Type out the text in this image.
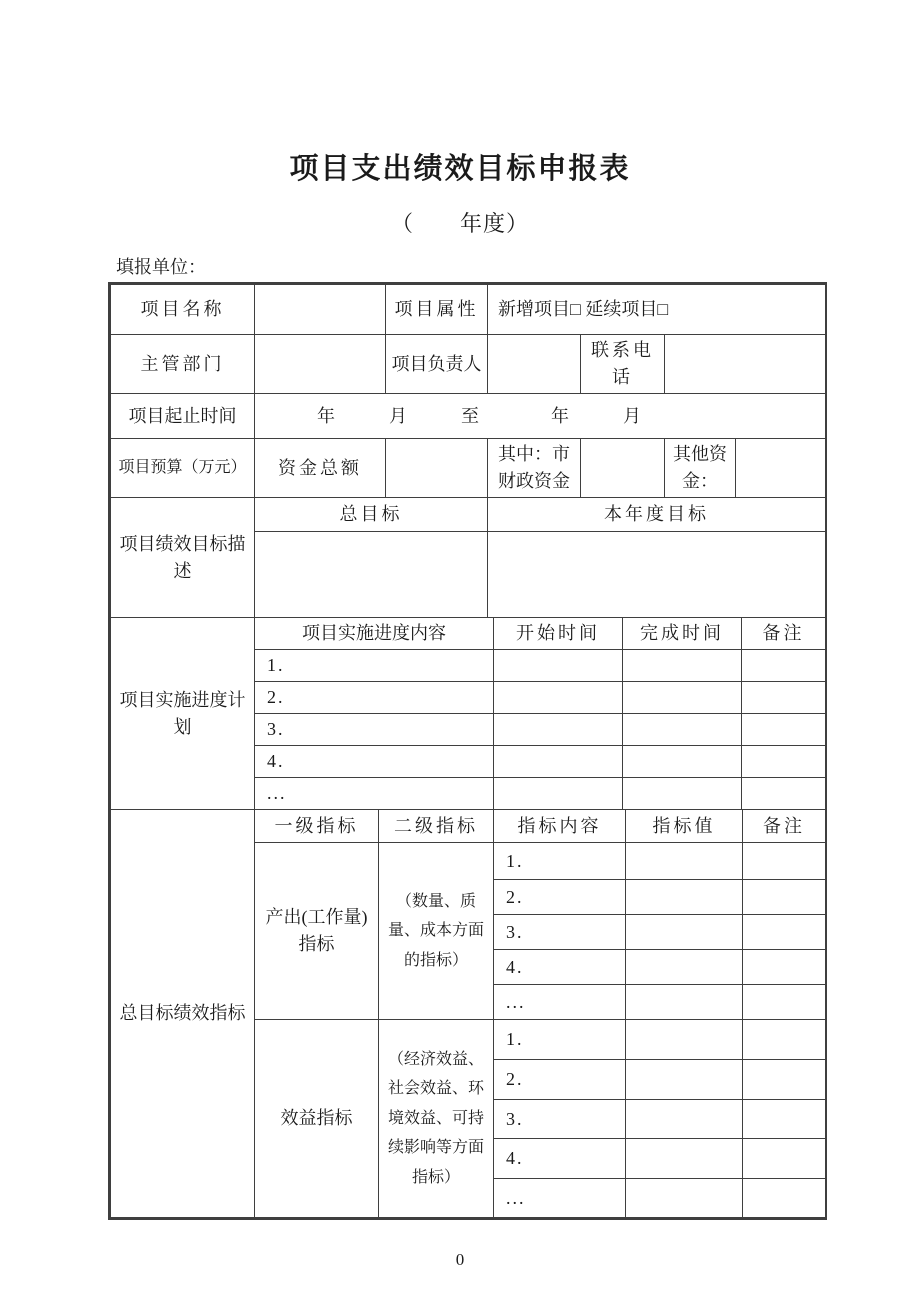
项目支出绩效目标申报表
（　　年度）
填报单位：
项目名称		项目属性	新增项目□ 延续项目□			
主管部门		项目负责人		联系电话		
项目起止时间	年　　　月　　　至　　　　年　　　月					
项目预算（万元）	资金总额		其中：市财政资金		其他资金：	
项目绩效目标描述	总目标		本年度目标			

项目实施进度计划	项目实施进度内容	开始时间	完成时间	备注
	1.			
	2.			
	3.			
	4.			
	...			
总目标绩效指标	一级指标	二级指标	指标内容	指标值	备注
	产出(工作量)指标	（数量、质量、成本方面的指标）	1.		
			2.		
			3.		
			4.		
			...		
	效益指标	（经济效益、社会效益、环境效益、可持续影响等方面指标）	1.		
			2.		
			3.		
			4.		
			...		
0
